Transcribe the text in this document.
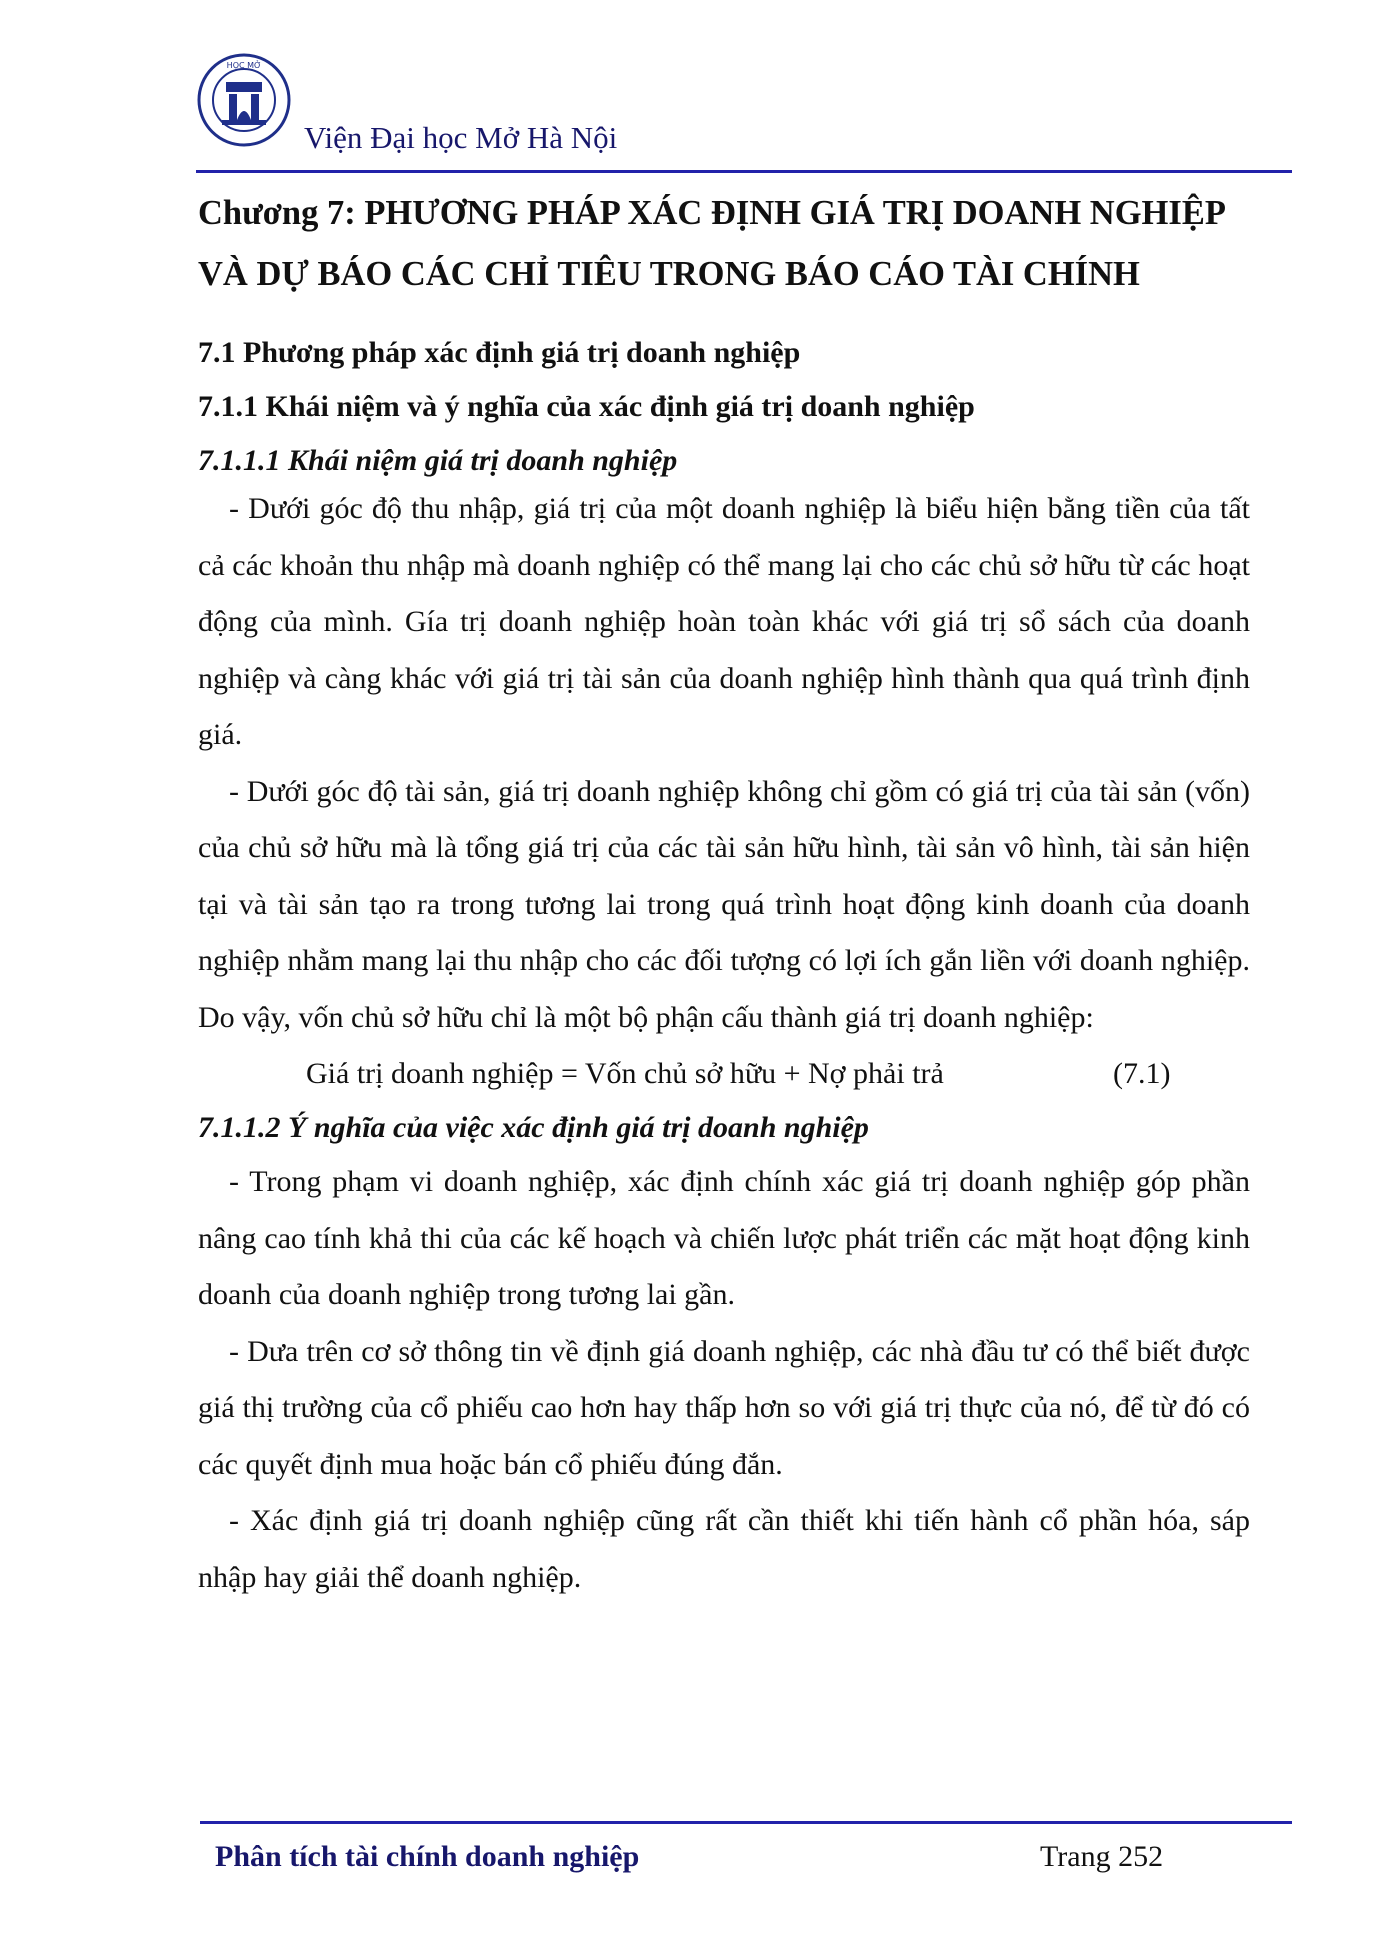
HỌC MỞ
Viện Đại học Mở Hà Nội
Chương 7: PHƯƠNG PHÁP XÁC ĐỊNH GIÁ TRỊ DOANH NGHIỆP VÀ DỰ BÁO CÁC CHỈ TIÊU TRONG BÁO CÁO TÀI CHÍNH
7.1 Phương pháp xác định giá trị doanh nghiệp
7.1.1 Khái niệm và ý nghĩa của xác định giá trị doanh nghiệp
7.1.1.1 Khái niệm giá trị doanh nghiệp

- Dưới góc độ thu nhập, giá trị của một doanh nghiệp là biểu hiện bằng tiền của tất cả các khoản thu nhập mà doanh nghiệp có thể mang lại cho các chủ sở hữu từ các hoạt động của mình. Gía trị doanh nghiệp hoàn toàn khác với giá trị sổ sách của doanh nghiệp và càng khác với giá trị tài sản của doanh nghiệp hình thành qua quá trình định giá.

- Dưới góc độ tài sản, giá trị doanh nghiệp không chỉ gồm có giá trị của tài sản (vốn) của chủ sở hữu mà là tổng giá trị của các tài sản hữu hình, tài sản vô hình, tài sản hiện tại và tài sản tạo ra trong tương lai trong quá trình hoạt động kinh doanh của doanh nghiệp nhằm mang lại thu nhập cho các đối tượng có lợi ích gắn liền với doanh nghiệp. Do vậy, vốn chủ sở hữu chỉ là một bộ phận cấu thành giá trị doanh nghiệp:

Giá trị doanh nghiệp = Vốn chủ sở hữu + Nợ phải trả	(7.1)
7.1.1.2 Ý nghĩa của việc xác định giá trị doanh nghiệp

- Trong phạm vi doanh nghiệp, xác định chính xác giá trị doanh nghiệp góp phần nâng cao tính khả thi của các kế hoạch và chiến lược phát triển các mặt hoạt động kinh doanh của doanh nghiệp trong tương lai gần.

- Dưa trên cơ sở thông tin về định giá doanh nghiệp, các nhà đầu tư có thể biết được giá thị trường của cổ phiếu cao hơn hay thấp hơn so với giá trị thực của nó, để từ đó có các quyết định mua hoặc bán cổ phiếu đúng đắn.

- Xác định giá trị doanh nghiệp cũng rất cần thiết khi tiến hành cổ phần hóa, sáp nhập hay giải thể doanh nghiệp.

Phân tích tài chính doanh nghiệp	Trang 252
